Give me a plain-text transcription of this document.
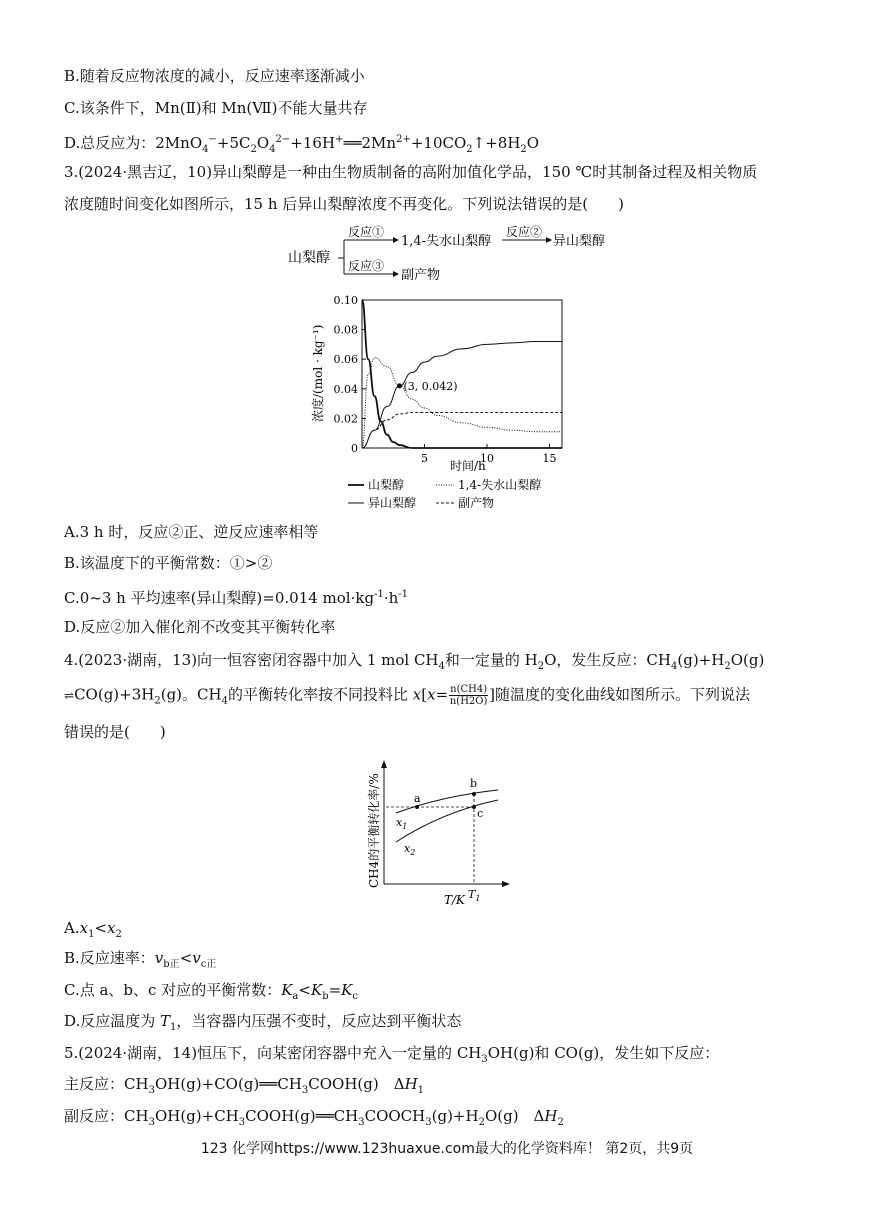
B.随着反应物浓度的减小，反应速率逐渐减小
C.该条件下，Mn(Ⅱ)和 Mn(Ⅶ)不能大量共存
D.总反应为：$2MnO_4^-+5C_2O_4^{2-}+16H^+══2Mn^{2+}+10CO_2↑+8H_2O$
3.(2024·黑吉辽，10)异山梨醇是一种由生物质制备的高附加值化学品，150 ℃时其制备过程及相关物质
浓度随时间变化如图所示，15 h 后异山梨醇浓度不再变化。下列说法错误的是(　　)
山梨醇
反应①
1,4-失水山梨醇
反应②
异山梨醇
反应③
副产物
0.10
0.08
0.06
0.04
0.02
0
5	10	15
浓度/(mol · kg⁻¹)
时间/h
(3, 0.042)
山梨醇	1,4-失水山梨醇
异山梨醇	副产物
A.3 h 时，反应②正、逆反应速率相等
B.该温度下的平衡常数：①>②
C.0~3 h 平均速率(异山梨醇)=0.014 $mol\cdot kg^{-1}\cdot h^{-1}$
D.反应②加入催化剂不改变其平衡转化率
4.(2023·湖南，13)向一恒容密闭容器中加入 1 mol $CH_4$和一定量的 $H_2O$，发生反应：$CH_4(g)+H_2O(g)$
$\rightleftharpoons CO(g)+3H_2(g)$。$CH_4$的平衡转化率按不同投料比 $x[x= \frac{n(CH4)}{n(H2O)}$ ]随温度的变化曲线如图所示。下列说法
错误的是(　　)
CH4的平衡转化率/%
T/K
a
b
c
$x_1$
$x_2$
$T_1$
$A.x_1<x_2$
B.反应速率：$v_{b正}<v_{c正}$
C.点 a、b、c 对应的平衡常数：$K_a<K_b=K_c$
D.反应温度为 $T_1$，当容器内压强不变时，反应达到平衡状态
5.(2024·湖南，14)恒压下，向某密闭容器中充入一定量的 $CH_3OH(g)$和 CO(g)，发生如下反应：
主反应：$CH_3OH(g)+CO(g)══CH_3COOH(g)$　$\Delta H_1$
副反应：$CH_3OH(g)+CH_3COOH(g)══CH_3COOCH_3(g)+H_2O(g)$　$\Delta H_2$
123 化学网https://www.123huaxue.com最大的化学资料库！ 第2页，共9页
